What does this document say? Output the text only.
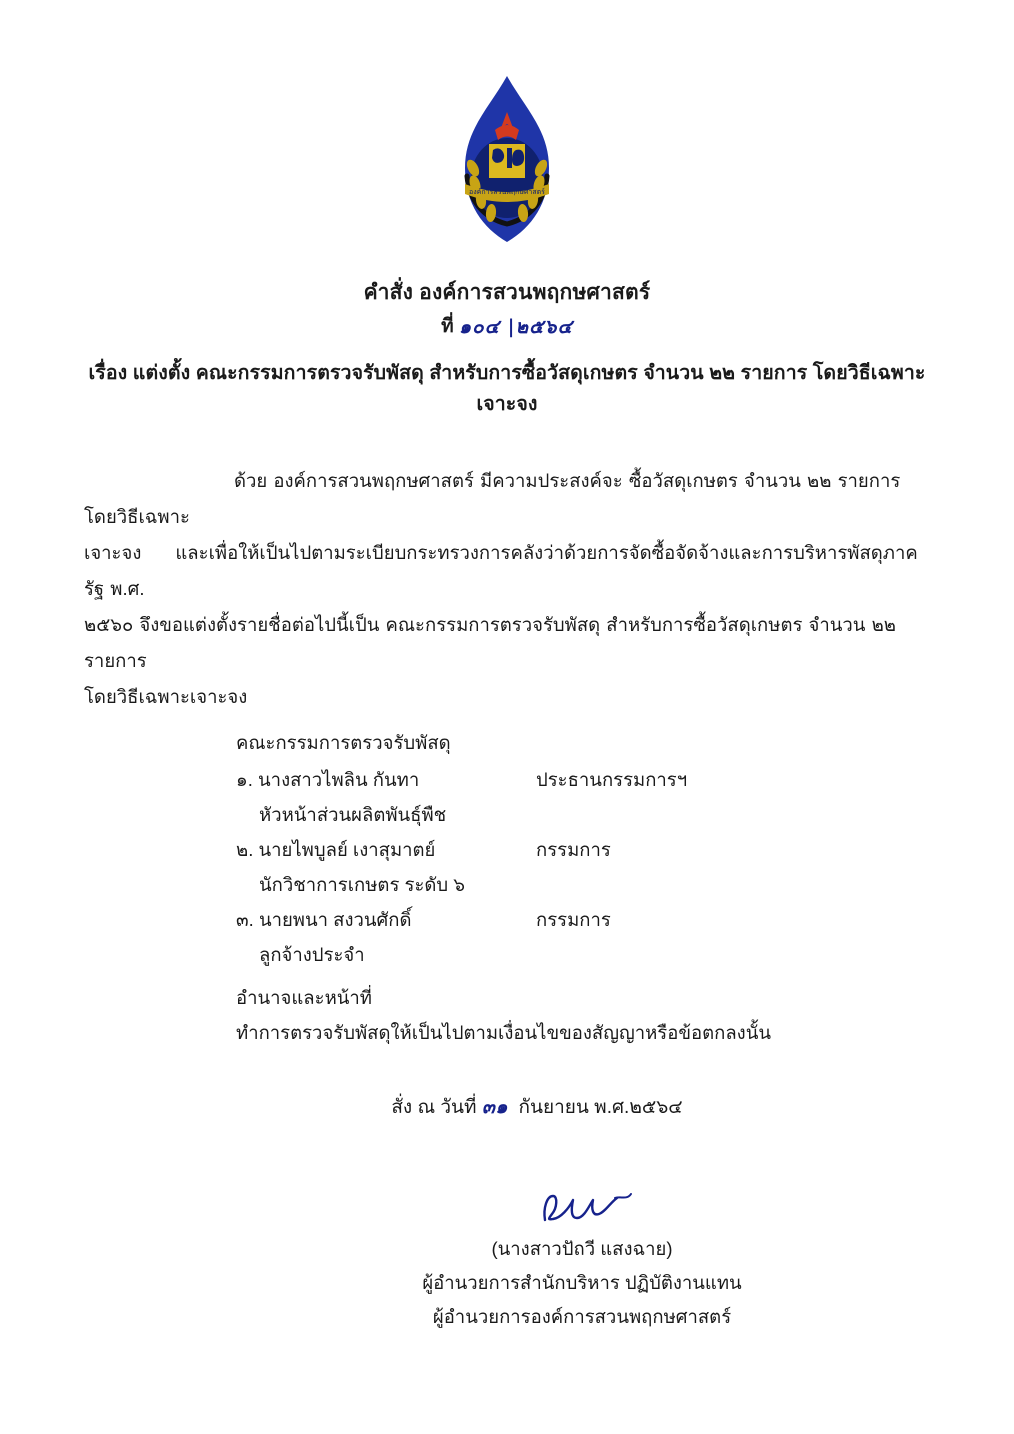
องค์การสวนพฤกษศาสตร์
คำสั่ง องค์การสวนพฤกษศาสตร์
ที่ ๑๐๔ |๒๕๖๔
เรื่อง แต่งตั้ง คณะกรรมการตรวจรับพัสดุ สำหรับการซื้อวัสดุเกษตร จำนวน ๒๒ รายการ โดยวิธีเฉพาะเจาะจง
ด้วย องค์การสวนพฤกษศาสตร์ มีความประสงค์จะ ซื้อวัสดุเกษตร จำนวน ๒๒ รายการ โดยวิธีเฉพาะ
เจาะจง และเพื่อให้เป็นไปตามระเบียบกระทรวงการคลังว่าด้วยการจัดซื้อจัดจ้างและการบริหารพัสดุภาครัฐ พ.ศ.
๒๕๖๐ จึงขอแต่งตั้งรายชื่อต่อไปนี้เป็น คณะกรรมการตรวจรับพัสดุ สำหรับการซื้อวัสดุเกษตร จำนวน ๒๒ รายการ
โดยวิธีเฉพาะเจาะจง
คณะกรรมการตรวจรับพัสดุ
๑. นางสาวไพลิน กันทา	ประธานกรรมการฯ
หัวหน้าส่วนผลิตพันธุ์พืช
๒. นายไพบูลย์ เงาสุมาตย์	กรรมการ
นักวิชาการเกษตร ระดับ ๖
๓. นายพนา สงวนศักดิ์	กรรมการ
ลูกจ้างประจำ
อำนาจและหน้าที่
ทำการตรวจรับพัสดุให้เป็นไปตามเงื่อนไขของสัญญาหรือข้อตกลงนั้น
สั่ง ณ วันที่ ๓๑ กันยายน พ.ศ.๒๕๖๔
(นางสาวปัถวี แสงฉาย)
ผู้อำนวยการสำนักบริหาร ปฏิบัติงานแทน
ผู้อำนวยการองค์การสวนพฤกษศาสตร์
